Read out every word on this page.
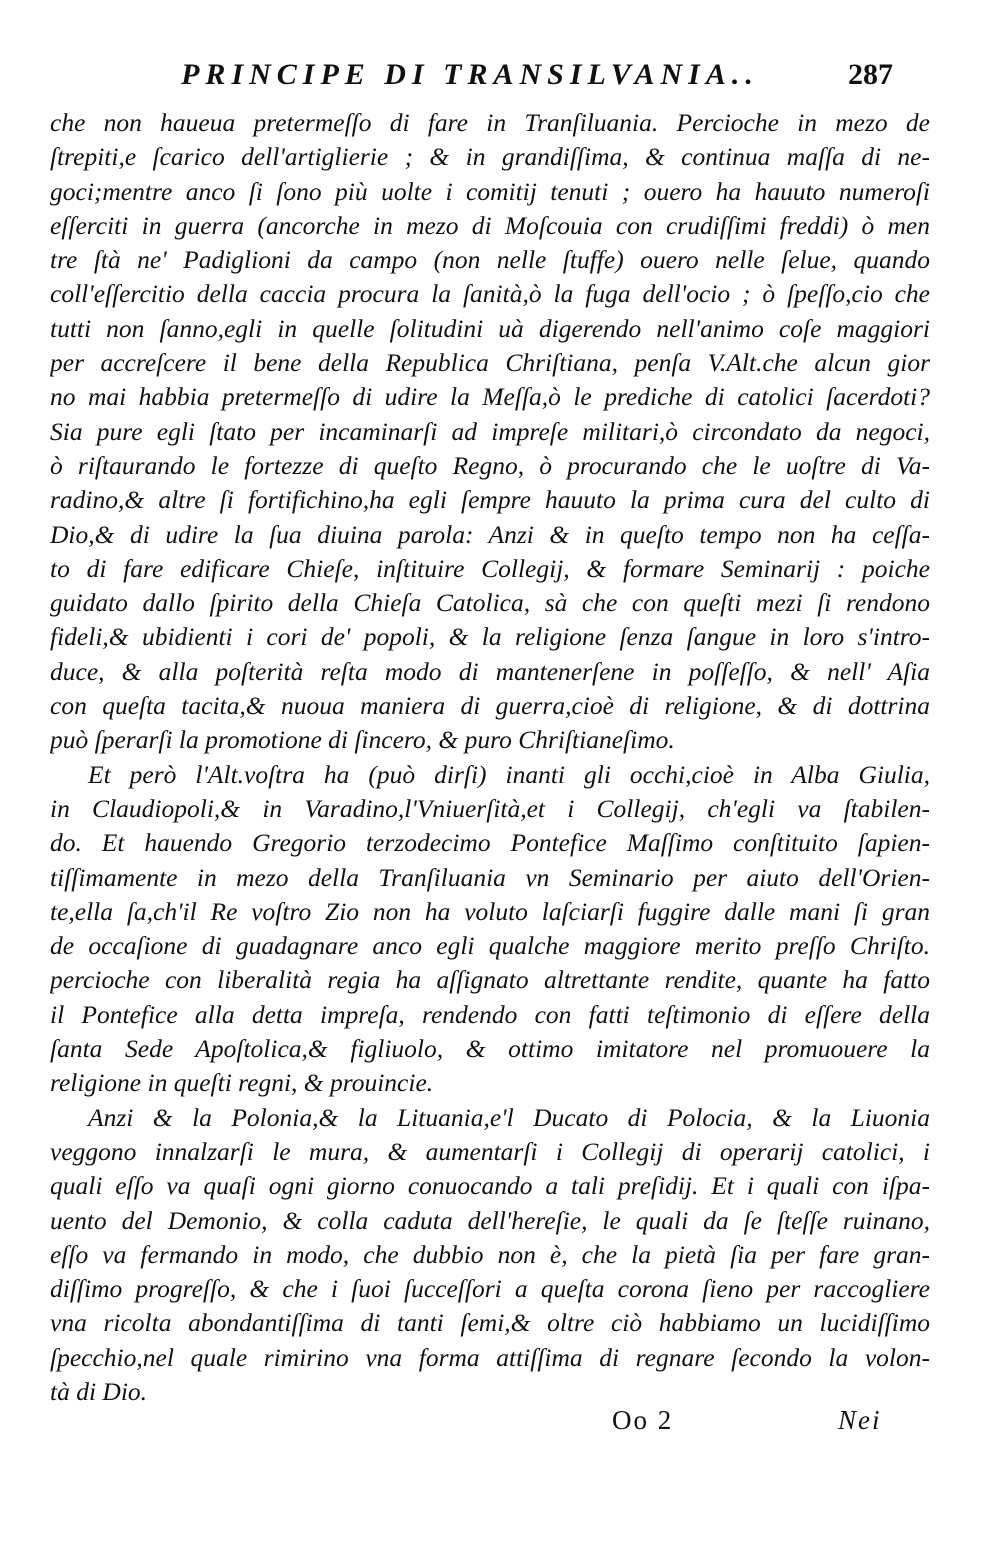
PRINCIPE DI TRANSILVANIA..	287
che non haueua pretermeſſo di fare in Tranſiluania. Percioche in mezo de
ſtrepiti,e ſcarico dell'artiglierie ; & in grandiſſima, & continua maſſa di ne-
goci;mentre anco ſi ſono più uolte i comitij tenuti ; ouero ha hauuto numeroſi
eſſerciti in guerra (ancorche in mezo di Moſcouia con crudiſſimi freddi) ò men
tre ſtà ne' Padiglioni da campo (non nelle ſtuffe) ouero nelle ſelue, quando
coll'eſſercitio della caccia procura la ſanità,ò la fuga dell'ocio ; ò ſpeſſo,cio che
tutti non ſanno,egli in quelle ſolitudini uà digerendo nell'animo coſe maggiori
per accreſcere il bene della Republica Chriſtiana, penſa V.Alt.che alcun gior
no mai habbia pretermeſſo di udire la Meſſa,ò le prediche di catolici ſacerdoti?
Sia pure egli ſtato per incaminarſi ad impreſe militari,ò circondato da negoci,
ò riſtaurando le fortezze di queſto Regno, ò procurando che le uoſtre di Va-
radino,& altre ſi fortifichino,ha egli ſempre hauuto la prima cura del culto di
Dio,& di udire la ſua diuina parola: Anzi & in queſto tempo non ha ceſſa-
to di fare edificare Chieſe, inſtituire Collegij, & formare Seminarij : poiche
guidato dallo ſpirito della Chieſa Catolica, sà che con queſti mezi ſi rendono
fideli,& ubidienti i cori de' popoli, & la religione ſenza ſangue in loro s'intro-
duce, & alla poſterità reſta modo di mantenerſene in poſſeſſo, & nell' Aſia
con queſta tacita,& nuoua maniera di guerra,cioè di religione, & di dottrina
può ſperarſi la promotione di ſincero, & puro Chriſtianeſimo.
Et però l'Alt.voſtra ha (può dirſi) inanti gli occhi,cioè in Alba Giulia,
in Claudiopoli,& in Varadino,l'Vniuerſità,et i Collegij, ch'egli va ſtabilen-
do. Et hauendo Gregorio terzodecimo Pontefice Maſſimo conſtituito ſapien-
tiſſimamente in mezo della Tranſiluania vn Seminario per aiuto dell'Orien-
te,ella ſa,ch'il Re voſtro Zio non ha voluto laſciarſi fuggire dalle mani ſi gran
de occaſione di guadagnare anco egli qualche maggiore merito preſſo Chriſto.
percioche con liberalità regia ha aſſignato altrettante rendite, quante ha fatto
il Pontefice alla detta impreſa, rendendo con fatti teſtimonio di eſſere della
ſanta Sede Apoſtolica,& figliuolo, & ottimo imitatore nel promuouere la
religione in queſti regni, & prouincie.
Anzi & la Polonia,& la Lituania,e'l Ducato di Polocia, & la Liuonia
veggono innalzarſi le mura, & aumentarſi i Collegij di operarij catolici, i
quali eſſo va quaſi ogni giorno conuocando a tali preſidij. Et i quali con iſpa-
uento del Demonio, & colla caduta dell'hereſie, le quali da ſe ſteſſe ruinano,
eſſo va fermando in modo, che dubbio non è, che la pietà ſia per fare gran-
diſſimo progreſſo, & che i ſuoi ſucceſſori a queſta corona ſieno per raccogliere
vna ricolta abondantiſſima di tanti ſemi,& oltre ciò habbiamo un lucidiſſimo
ſpecchio,nel quale rimirino vna forma attiſſima di regnare ſecondo la volon-
tà di Dio.
Oo 2	Nei
